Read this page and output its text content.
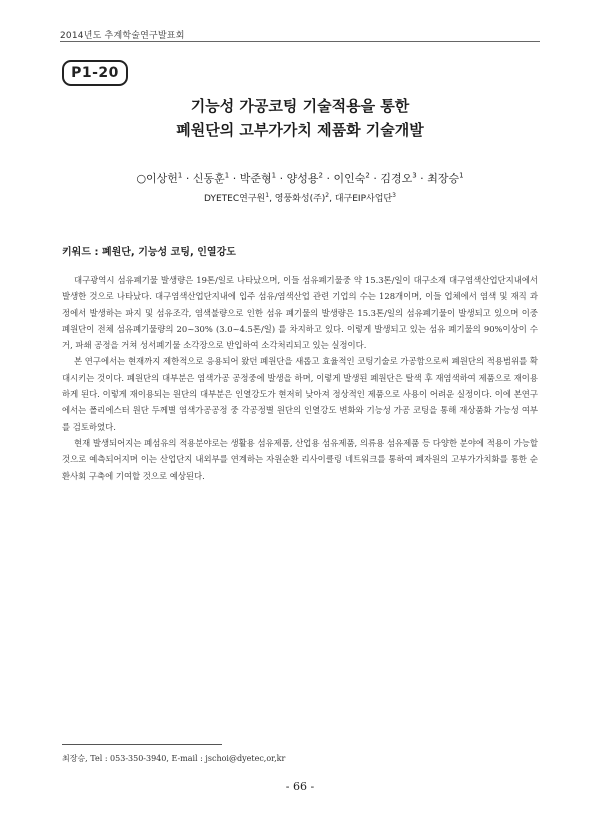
2014년도 추계학술연구발표회
P1-20
기능성 가공코팅 기술적용을 통한
폐원단의 고부가가치 제품화 기술개발
○이상헌$^1$ · 신동훈$^1$ · 박준형$^1$ · 양성용$^2$ · 이인숙$^2$ · 김경오$^3$ · 최장승$^1$
DYETEC연구원$^1$, 영풍화성(주)$^2$, 대구EIP사업단$^3$
키워드 : 폐원단, 기능성 코팅, 인열강도

대구광역시 섬유폐기물 발생량은 19톤/일로 나타났으며, 이들 섬유폐기물중 약 15.3톤/일이 대구소재 대구염색산업단지내에서 발생한 것으로 나타났다. 대구염색산업단지내에 입주 섬유/염색산업 관련 기업의 수는 128개이며, 이들 업체에서 염색 및 재직 과정에서 발생하는 파지 및 섬유조각, 염색불량으로 인한 섬유 폐기물의 발생량은 15.3톤/일의 섬유폐기물이 발생되고 있으며 이중 폐원단이 전체 섬유폐기물량의 20~30% (3.0~4.5톤/일) 를 차지하고 있다. 이렇게 발생되고 있는 섬유 폐기물의 90%이상이 수거, 파쇄 공정을 거쳐 성서폐기물 소각장으로 반입하여 소각처리되고 있는 실정이다.

본 연구에서는 현재까지 제한적으로 응용되어 왔던 폐원단을 새롭고 효율적인 코팅기술로 가공함으로써 폐원단의 적용범위를 확대시키는 것이다. 폐원단의 대부분은 염색가공 공정중에 발생을 하며, 이렇게 발생된 폐원단은 탈색 후 재염색하여 제품으로 재이용하게 된다. 이렇게 재이용되는 원단의 대부분은 인열강도가 현저히 낮아져 정상적인 제품으로 사용이 어려운 실정이다. 이에 본연구에서는 폴리에스터 원단 두께별 염색가공공정 중 각공정별 원단의 인열강도 변화와 기능성 가공 코팅을 통해 재상품화 가능성 여부를 검토하였다.

현재 발생되어지는 폐섬유의 적용분야로는 생활용 섬유제품, 산업용 섬유제품, 의류용 섬유제품 등 다양한 분야에 적용이 가능할 것으로 예측되어지며 이는 산업단지 내외부를 연계하는 자원순환 리사이클링 네트워크를 통하여 폐자원의 고부가가치화를 통한 순환사회 구축에 기여할 것으로 예상된다.

최장승, Tel : 053-350-3940, E-mail : jschoi@dyetec,or,kr
- 66 -
